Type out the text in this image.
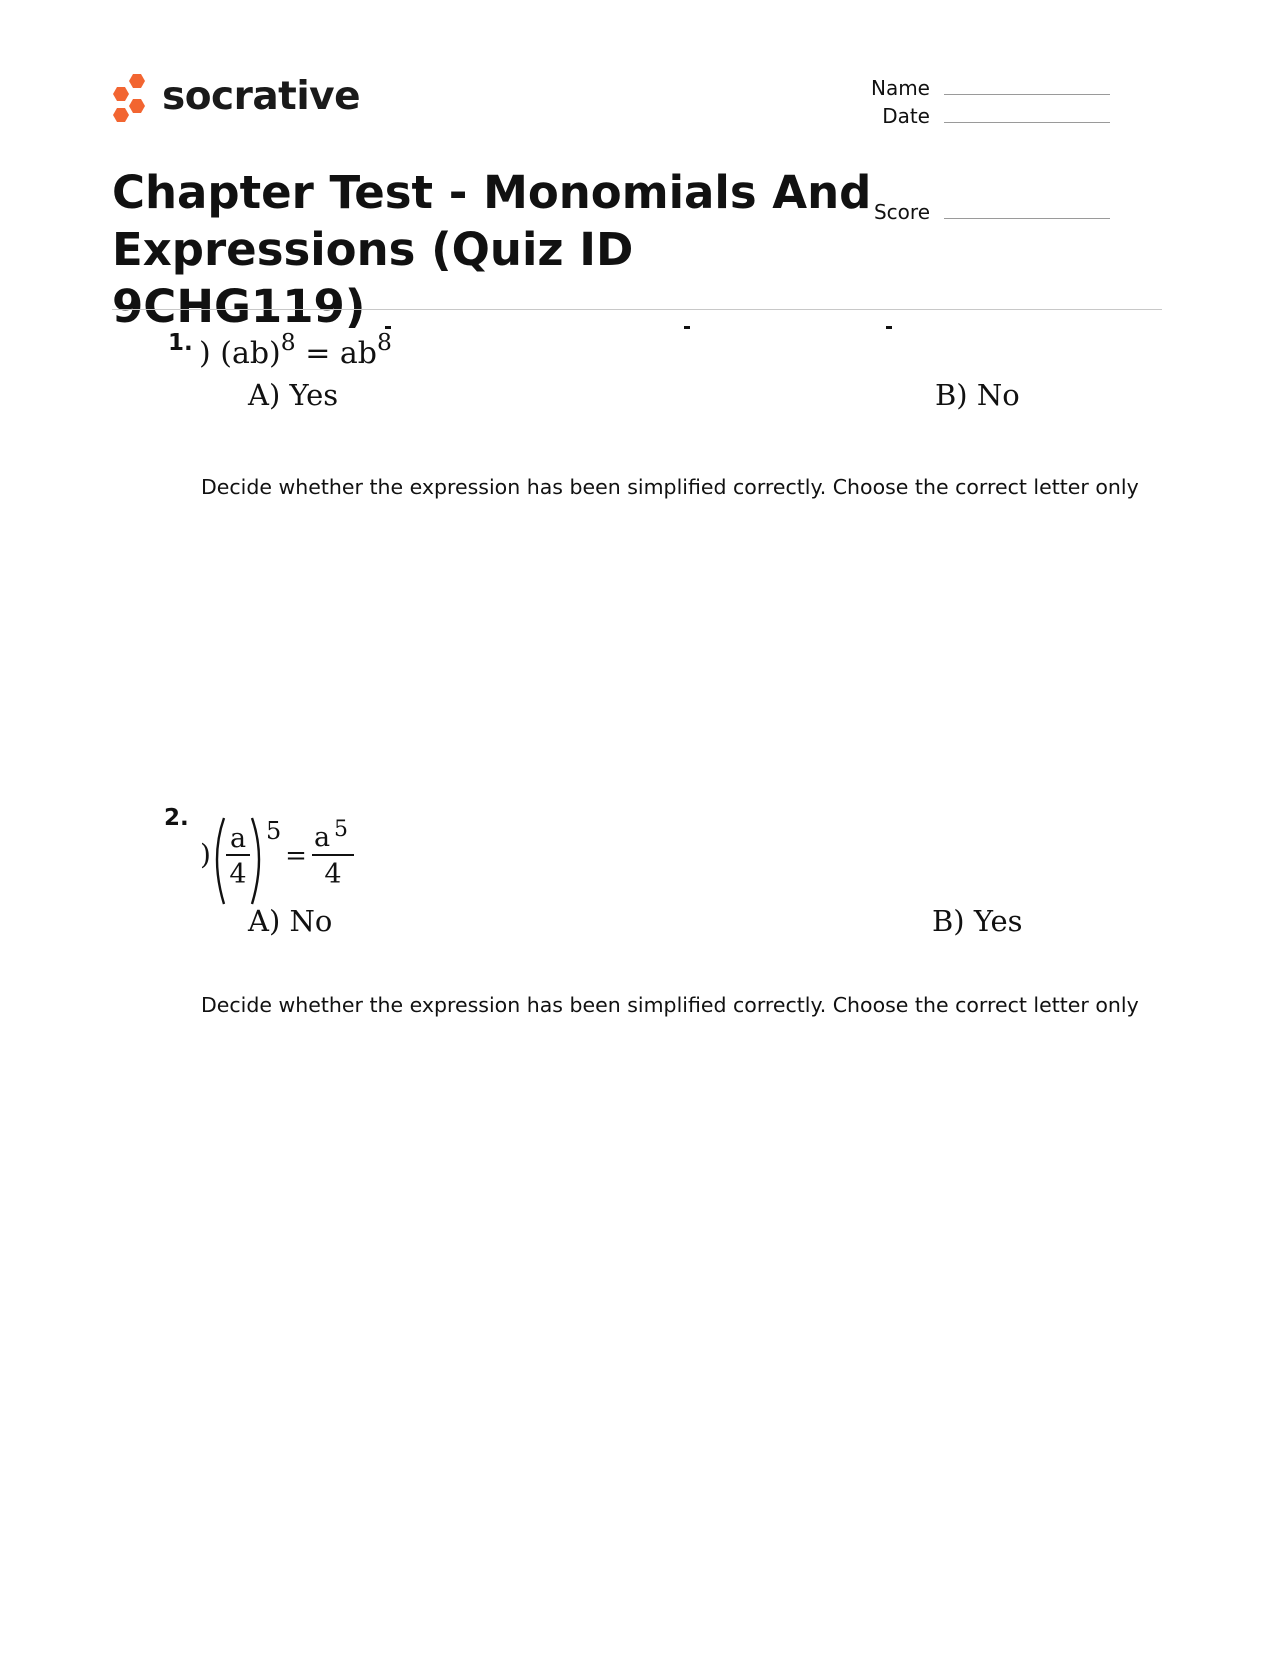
socrative	Name
Date
Score
Chapter Test - Monomials And Expressions (Quiz ID 9CHG119)
1. ) $(ab)^8 = ab^8$
A) Yes	B) No
Decide whether the expression has been simplified correctly. Choose the correct letter only
2.
) a
4
5
=
a 5
4
A) No	B) Yes
Decide whether the expression has been simplified correctly. Choose the correct letter only
